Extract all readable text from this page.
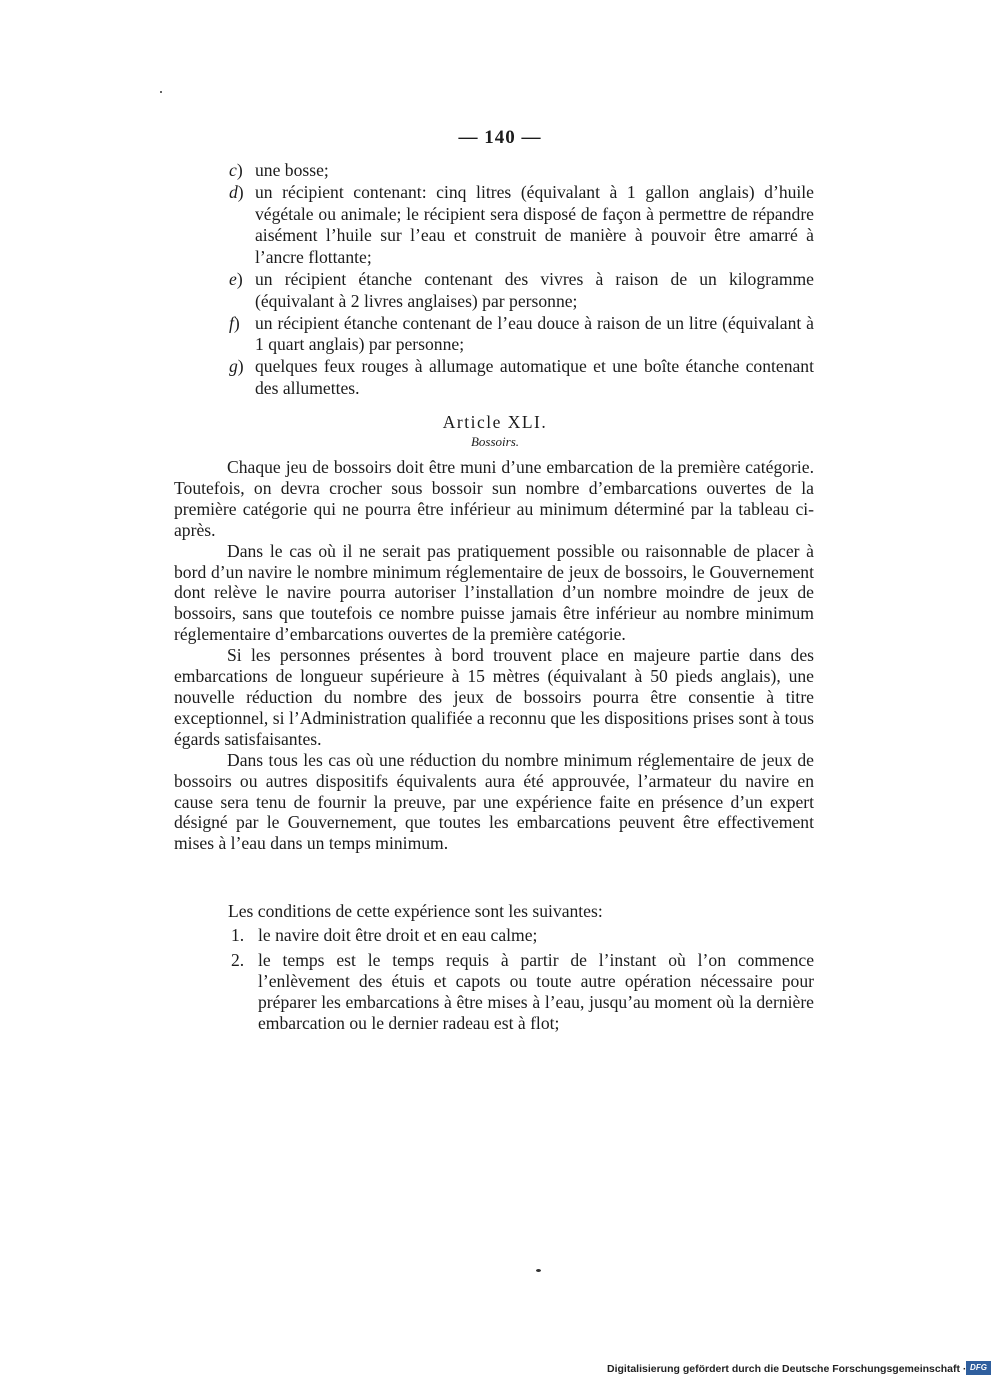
— 140 —
c) une bosse;
d) un récipient contenant: cinq litres (équivalant à 1 gallon anglais) d’huile végétale ou animale; le récipient sera disposé de façon à permettre de répandre aisément l’huile sur l’eau et construit de manière à pouvoir être amarré à l’ancre flottante;
e) un récipient étanche contenant des vivres à raison de un kilogramme (équivalant à 2 livres anglaises) par personne;
f) un récipient étanche contenant de l’eau douce à raison de un litre (équivalant à 1 quart anglais) par personne;
g) quelques feux rouges à allumage automatique et une boîte étanche contenant des allumettes.
Article XLI.
Bossoirs.

Chaque jeu de bossoirs doit être muni d’une embarcation de la première catégorie. Toutefois, on devra crocher sous bossoir sun nombre d’embarcations ouvertes de la première catégorie qui ne pourra être inférieur au minimum déterminé par la tableau ci-après.

Dans le cas où il ne serait pas pratiquement possible ou raisonnable de placer à bord d’un navire le nombre minimum réglementaire de jeux de bossoirs, le Gouvernement dont relève le navire pourra autoriser l’installation d’un nombre moindre de jeux de bossoirs, sans que toutefois ce nombre puisse jamais être inférieur au nombre minimum réglementaire d’embarcations ouvertes de la première catégorie.

Si les personnes présentes à bord trouvent place en majeure partie dans des embarcations de longueur supérieure à 15 mètres (équivalant à 50 pieds anglais), une nouvelle réduction du nombre des jeux de bossoirs pourra être consentie à titre exceptionnel, si l’Administration qualifiée a reconnu que les dispositions prises sont à tous égards satisfaisantes.

Dans tous les cas où une réduction du nombre minimum réglementaire de jeux de bossoirs ou autres dispositifs équivalents aura été approuvée, l’armateur du navire en cause sera tenu de fournir la preuve, par une expérience faite en présence d’un expert désigné par le Gouvernement, que toutes les embarcations peuvent être effectivement mises à l’eau dans un temps minimum.

Les conditions de cette expérience sont les suivantes:

1. le navire doit être droit et en eau calme;
2. le temps est le temps requis à partir de l’instant où l’on commence l’enlèvement des étuis et capots ou toute autre opération nécessaire pour préparer les embarcations à être mises à l’eau, jusqu’au moment où la dernière embarcation ou le dernier radeau est à flot;
Digitalisierung gefördert durch die Deutsche Forschungsgemeinschaft · DFG
